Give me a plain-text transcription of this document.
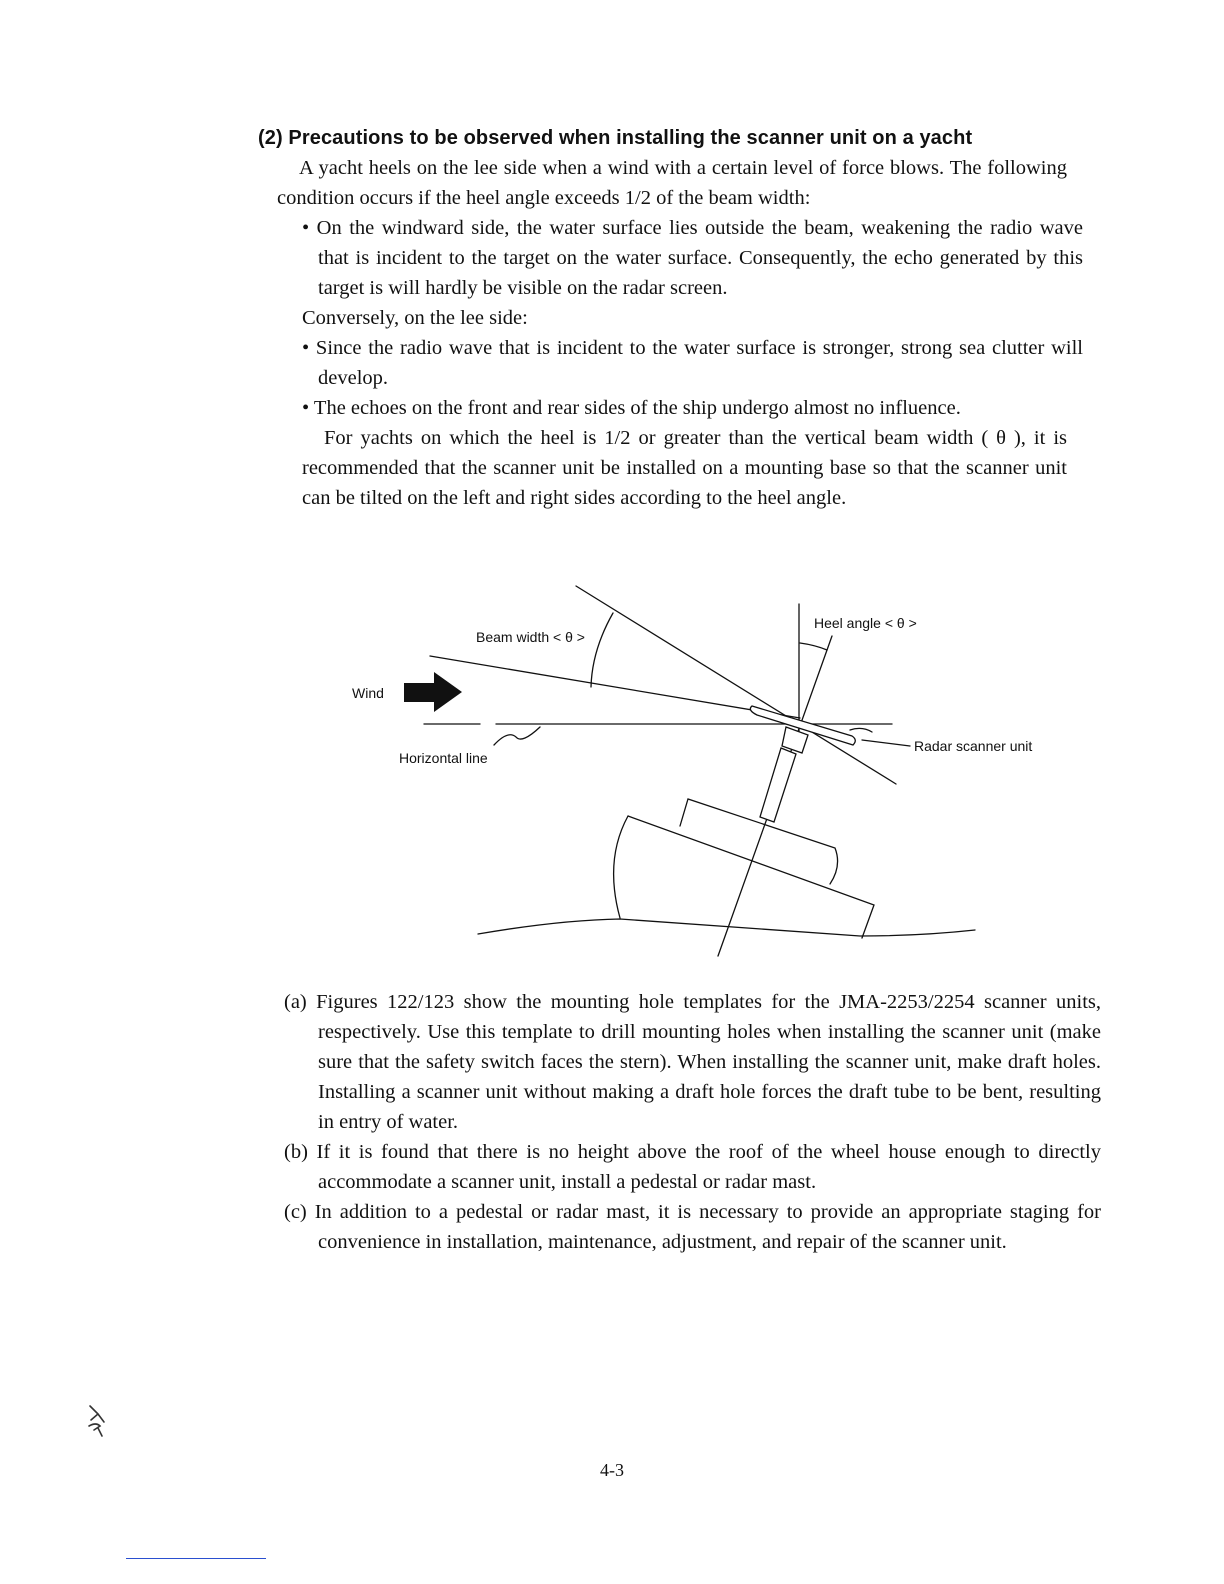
(2) Precautions to be observed when installing the scanner unit on a yacht
A yacht heels on the lee side when a wind with a certain level of force blows. The following condition occurs if the heel angle exceeds 1/2 of the beam width:
• On the windward side, the water surface lies outside the beam, weakening the radio wave that is incident to the target on the water surface. Consequently, the echo generated by this target is will hardly be visible on the radar screen.
Conversely, on the lee side:
• Since the radio wave that is incident to the water surface is stronger, strong sea clutter will develop.
• The echoes on the front and rear sides of the ship undergo almost no influence.
For yachts on which the heel is 1/2 or greater than the vertical beam width ( θ ), it is recommended that the scanner unit be installed on a mounting base so that the scanner unit can be tilted on the left and right sides according to the heel angle.
Beam width < θ >
Heel angle < θ >
Wind
Horizontal line
Radar scanner unit
(a) Figures 122/123 show the mounting hole templates for the JMA-2253/2254 scanner units, respectively. Use this template to drill mounting holes when installing the scanner unit (make sure that the safety switch faces the stern). When installing the scanner unit, make draft holes. Installing a scanner unit without making a draft hole forces the draft tube to be bent, resulting in entry of water.
(b) If it is found that there is no height above the roof of the wheel house enough to directly accommodate a scanner unit, install a pedestal or radar mast.
(c) In addition to a pedestal or radar mast, it is necessary to provide an appropriate staging for convenience in installation, maintenance, adjustment, and repair of the scanner unit.
4-3
